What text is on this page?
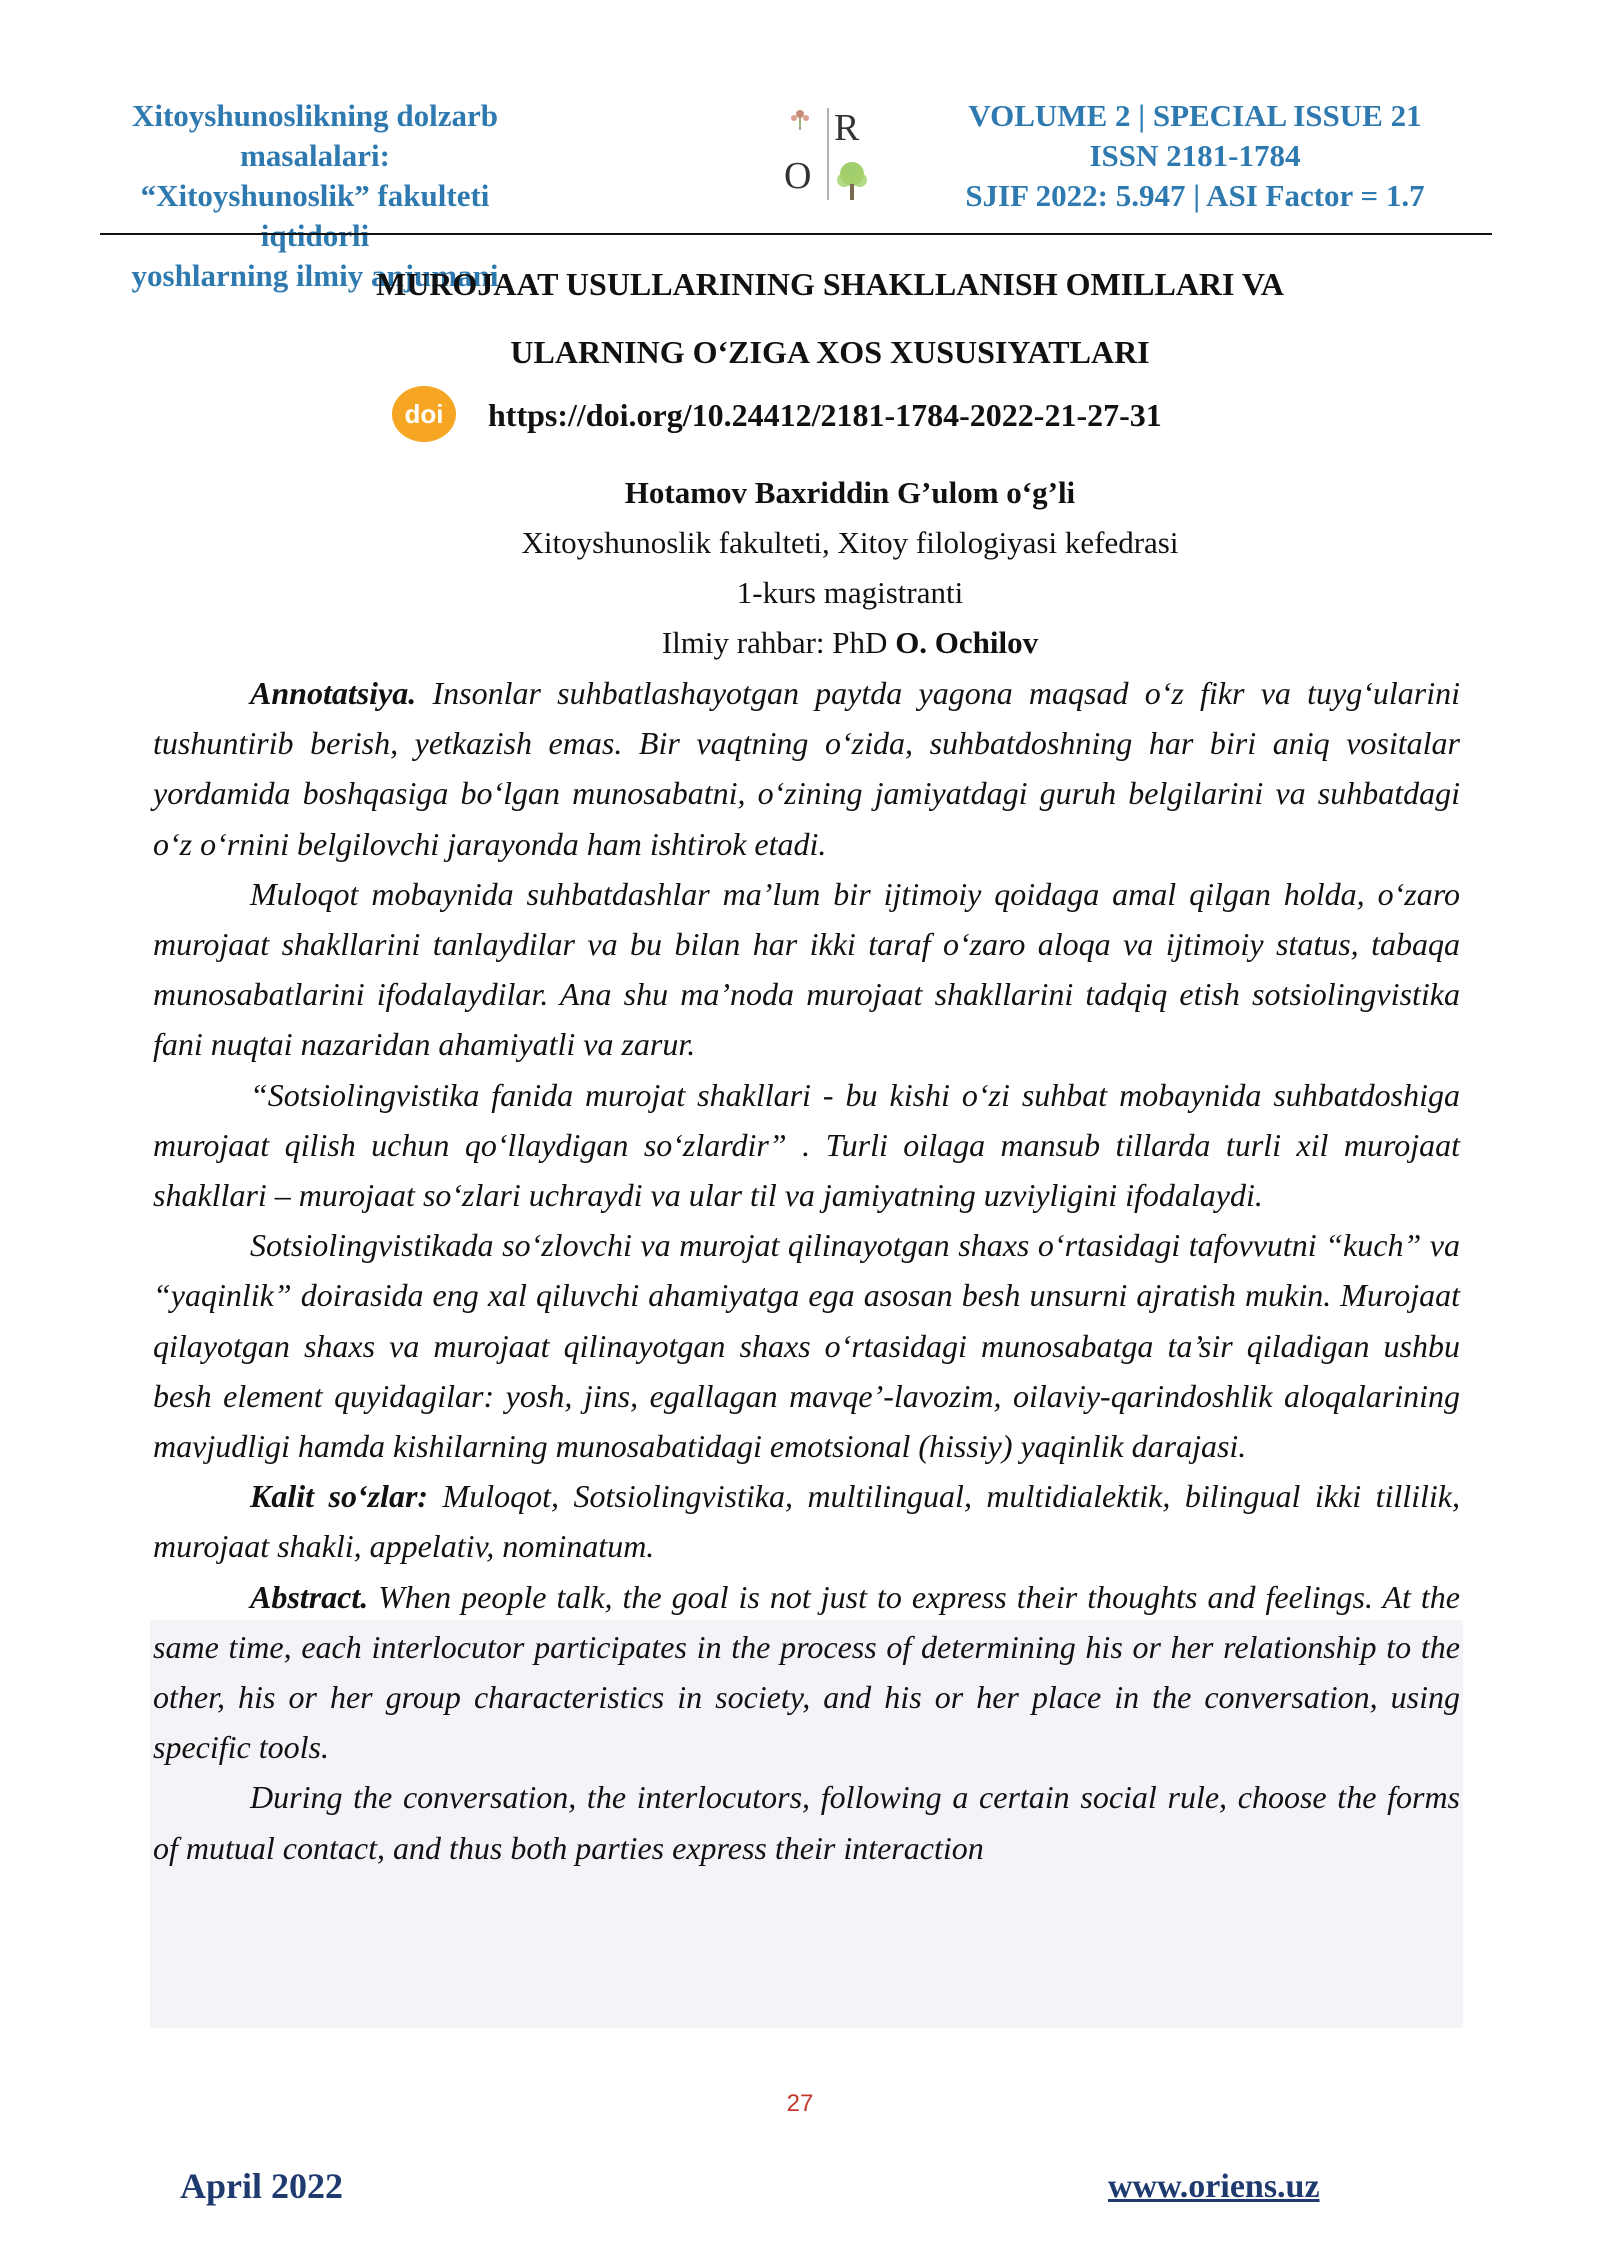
Xitoyshunoslikning dolzarb masalalari:
“Xitoyshunoslik” fakulteti iqtidorli
yoshlarning ilmiy anjumani
R
O
VOLUME 2 | SPECIAL ISSUE 21
ISSN 2181-1784
SJIF 2022: 5.947 | ASI Factor = 1.7
MUROJAAT USULLARINING SHAKLLANISH OMILLARI VA
ULARNING O‘ZIGA XOS XUSUSIYATLARI
doi https://doi.org/10.24412/2181-1784-2022-21-27-31
Hotamov Baxriddin G’ulom o‘g’li
Xitoyshunoslik fakulteti, Xitoy filologiyasi kefedrasi
1-kurs magistranti
Ilmiy rahbar: PhD O. Ochilov

Annotatsiya. Insonlar suhbatlashayotgan paytda yagona maqsad o‘z fikr va tuyg‘ularini tushuntirib berish, yetkazish emas. Bir vaqtning o‘zida, suhbatdoshning har biri aniq vositalar yordamida boshqasiga bo‘lgan munosabatni, o‘zining jamiyatdagi guruh belgilarini va suhbatdagi o‘z o‘rnini belgilovchi jarayonda ham ishtirok etadi.

Muloqot mobaynida suhbatdashlar ma’lum bir ijtimoiy qoidaga amal qilgan holda, o‘zaro murojaat shakllarini tanlaydilar va bu bilan har ikki taraf o‘zaro aloqa va ijtimoiy status, tabaqa munosabatlarini ifodalaydilar. Ana shu ma’noda murojaat shakllarini tadqiq etish sotsiolingvistika fani nuqtai nazaridan ahamiyatli va zarur.

“Sotsiolingvistika fanida murojat shakllari - bu kishi o‘zi suhbat mobaynida suhbatdoshiga murojaat qilish uchun qo‘llaydigan so‘zlardir” . Turli oilaga mansub tillarda turli xil murojaat shakllari – murojaat so‘zlari uchraydi va ular til va jamiyatning uzviyligini ifodalaydi.

Sotsiolingvistikada so‘zlovchi va murojat qilinayotgan shaxs o‘rtasidagi tafovvutni “kuch” va “yaqinlik” doirasida eng xal qiluvchi ahamiyatga ega asosan besh unsurni ajratish mukin. Murojaat qilayotgan shaxs va murojaat qilinayotgan shaxs o‘rtasidagi munosabatga ta’sir qiladigan ushbu besh element quyidagilar: yosh, jins, egallagan mavqe’-lavozim, oilaviy-qarindoshlik aloqalarining mavjudligi hamda kishilarning munosabatidagi emotsional (hissiy) yaqinlik darajasi.

Kalit so‘zlar: Muloqot, Sotsiolingvistika, multilingual, multidialektik, bilingual ikki tillilik, murojaat shakli, appelativ, nominatum.

Abstract. When people talk, the goal is not just to express their thoughts and feelings. At the same time, each interlocutor participates in the process of determining his or her relationship to the other, his or her group characteristics in society, and his or her place in the conversation, using specific tools.

During the conversation, the interlocutors, following a certain social rule, choose the forms of mutual contact, and thus both parties express their interaction

27
April 2022	www.oriens.uz
